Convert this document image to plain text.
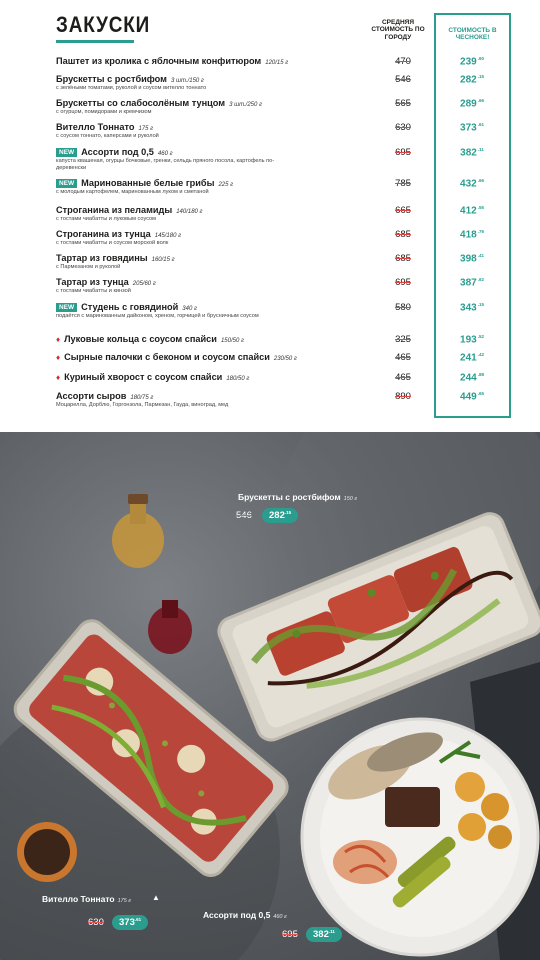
ЗАКУСКИ	СРЕДНЯЯ СТОИМОСТЬ ПО ГОРОДУ
СТОИМОСТЬ В ЧЕСНОКЕ!
Паштет из кролика с яблочным конфитюром 120/15 г	470	$239^{.60}$
Брускетты с ростбифом 3 шт./150 г
с зелёными томатами, руколой и соусом вителло тоннато
546	$282^{.15}$
Брускетты со слабосолёным тунцом 3 шт./250 г
с огурцом, помидорами и кремчизом
565	$289^{.66}$
Вителло Тоннато 175 г
с соусом тоннато, каперсами и руколой
630	$373^{.61}$
NEW Ассорти под 0,5 460 г
капуста квашеная, огурцы бочковые, гренки, сельдь пряного посола, картофель по-деревенски
695	$382^{.11}$
NEW Маринованные белые грибы 225 г
с молодым картофелем, маринованным луком и сметаной
785	$432^{.66}$
Строганина из пеламиды 140/180 г
с тостами чиабатты и луковым соусом
665	$412^{.55}$
Строганина из тунца 145/180 г
с тостами чиабатты и соусом морской волк
685	$418^{.76}$
Тартар из говядины 160/15 г
с Пармезаном и руколой
685	$398^{.41}$
Тартар из тунца 205/60 г
с тостами чиабатты и кинзой
695	$387^{.62}$
NEW Студень с говядиной 340 г
подаётся с маринованным дайконом, хреном, горчицей и брусничным соусом
580	$343^{.15}$
♦ Луковые кольца с соусом спайси 150/50 г	325	$193^{.52}$
♦ Сырные палочки с беконом и соусом спайси 230/50 г	465	$241^{.42}$
♦ Куриный хворост с соусом спайси 180/50 г	465	$244^{.88}$
Ассорти сыров 180/75 г
Моцарелла, Дорблю, Горгонзола, Пармезан, Гауда, виноград, мед
890	$449^{.65}$
Брускетты с ростбифом 150 г
546	$282^{.15}$
Вителло Тоннато 175 г	▲
630	$373^{.61}$	Ассорти под 0,5 460 г
695	$382^{.11}$
